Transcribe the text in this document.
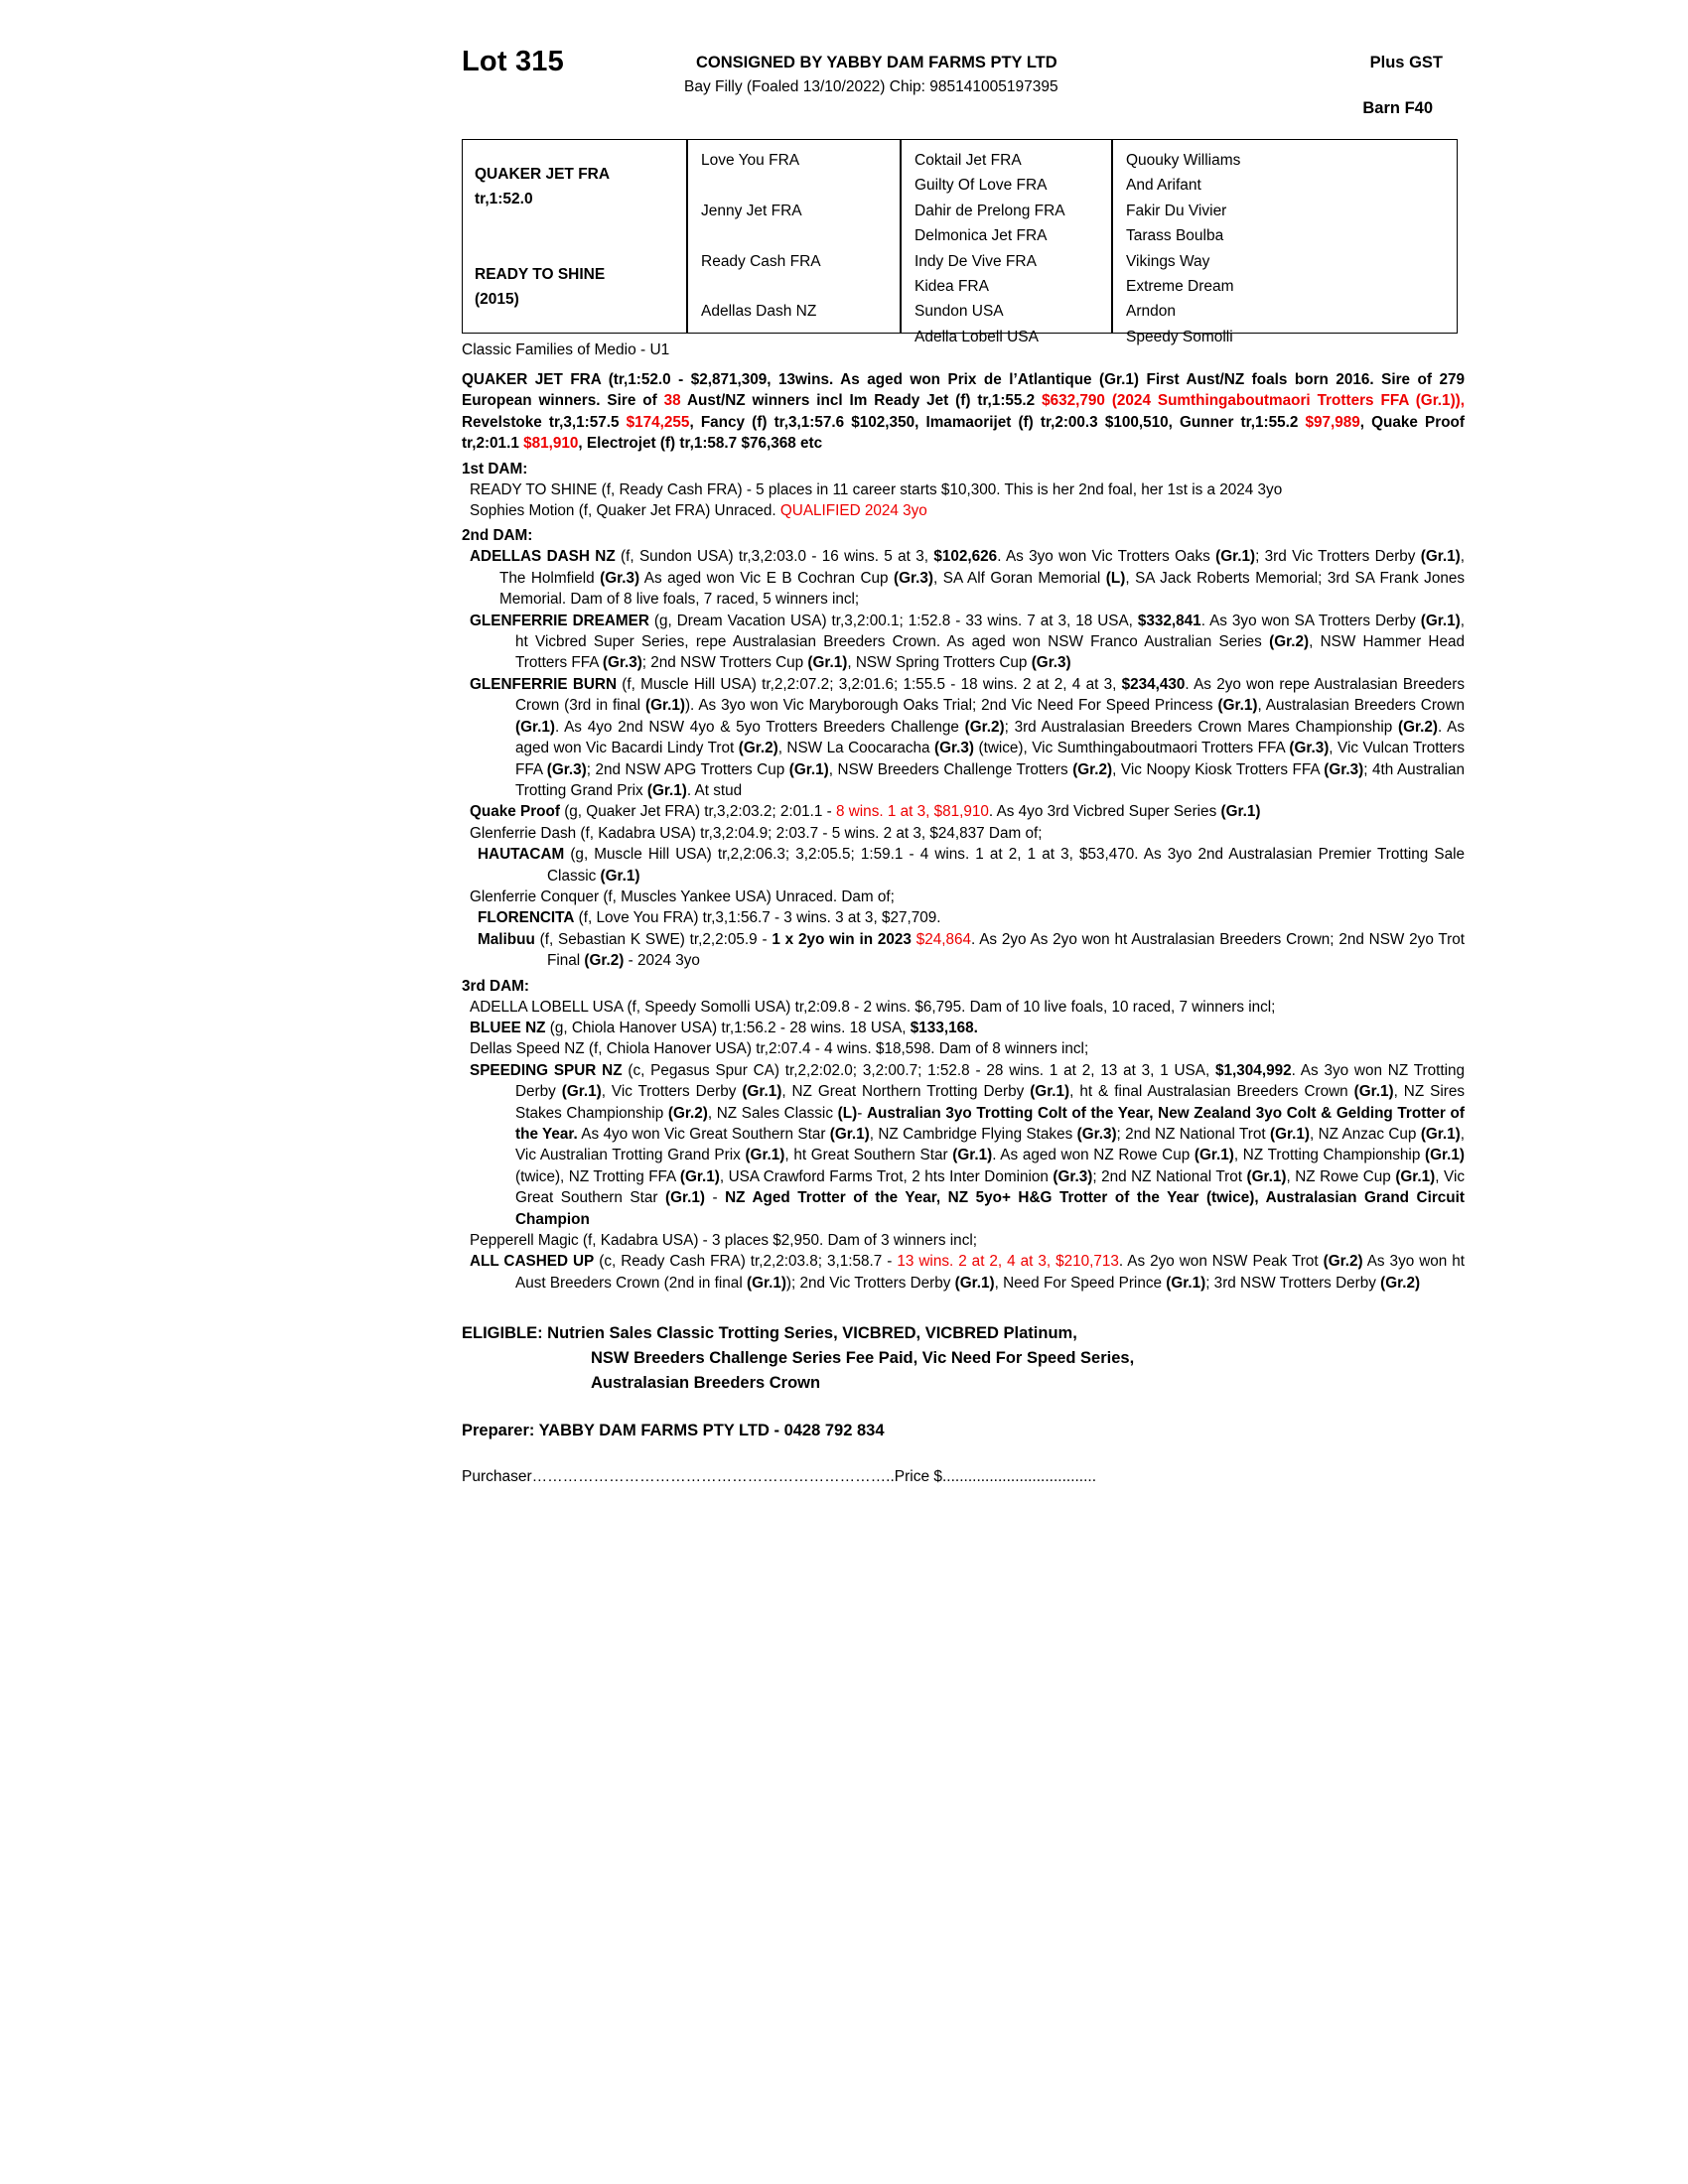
Lot 315	CONSIGNED BY YABBY DAM FARMS PTY LTD	Plus GST
Bay Filly (Foaled 13/10/2022) Chip: 985141005197395
Barn F40
QUAKER JET FRA
tr,1:52.0
READY TO SHINE
(2015)
Love You FRA
Jenny Jet FRA
Ready Cash FRA
Adellas Dash NZ
Coktail Jet FRA
Guilty Of Love FRA
Dahir de Prelong FRA
Delmonica Jet FRA
Indy De Vive FRA
Kidea FRA
Sundon USA
Adella Lobell USA
Quouky Williams
And Arifant
Fakir Du Vivier
Tarass Boulba
Vikings Way
Extreme Dream
Arndon
Speedy Somolli
Classic Families of Medio - U1

QUAKER JET FRA (tr,1:52.0 - $2,871,309, 13wins. As aged won Prix de l’Atlantique (Gr.1) First Aust/NZ foals born 2016. Sire of 279 European winners. Sire of 38 Aust/NZ winners incl Im Ready Jet (f) tr,1:55.2 $632,790 (2024 Sumthingaboutmaori Trotters FFA (Gr.1)), Revelstoke tr,3,1:57.5 $174,255, Fancy (f) tr,3,1:57.6 $102,350, Imamaorijet (f) tr,2:00.3 $100,510, Gunner tr,1:55.2 $97,989, Quake Proof tr,2:01.1 $81,910, Electrojet (f) tr,1:58.7 $76,368 etc

1st DAM:

READY TO SHINE (f, Ready Cash FRA) - 5 places in 11 career starts $10,300. This is her 2nd foal, her 1st is a 2024 3yo

Sophies Motion (f, Quaker Jet FRA) Unraced. QUALIFIED 2024 3yo

2nd DAM:

ADELLAS DASH NZ (f, Sundon USA) tr,3,2:03.0 - 16 wins. 5 at 3, $102,626. As 3yo won Vic Trotters Oaks (Gr.1); 3rd Vic Trotters Derby (Gr.1), The Holmfield (Gr.3) As aged won Vic E B Cochran Cup (Gr.3), SA Alf Goran Memorial (L), SA Jack Roberts Memorial; 3rd SA Frank Jones Memorial. Dam of 8 live foals, 7 raced, 5 winners incl;

GLENFERRIE DREAMER (g, Dream Vacation USA) tr,3,2:00.1; 1:52.8 - 33 wins. 7 at 3, 18 USA, $332,841. As 3yo won SA Trotters Derby (Gr.1), ht Vicbred Super Series, repe Australasian Breeders Crown. As aged won NSW Franco Australian Series (Gr.2), NSW Hammer Head Trotters FFA (Gr.3); 2nd NSW Trotters Cup (Gr.1), NSW Spring Trotters Cup (Gr.3)

GLENFERRIE BURN (f, Muscle Hill USA) tr,2,2:07.2; 3,2:01.6; 1:55.5 - 18 wins. 2 at 2, 4 at 3, $234,430. As 2yo won repe Australasian Breeders Crown (3rd in final (Gr.1)). As 3yo won Vic Maryborough Oaks Trial; 2nd Vic Need For Speed Princess (Gr.1), Australasian Breeders Crown (Gr.1). As 4yo 2nd NSW 4yo & 5yo Trotters Breeders Challenge (Gr.2); 3rd Australasian Breeders Crown Mares Championship (Gr.2). As aged won Vic Bacardi Lindy Trot (Gr.2), NSW La Coocaracha (Gr.3) (twice), Vic Sumthingaboutmaori Trotters FFA (Gr.3), Vic Vulcan Trotters FFA (Gr.3); 2nd NSW APG Trotters Cup (Gr.1), NSW Breeders Challenge Trotters (Gr.2), Vic Noopy Kiosk Trotters FFA (Gr.3); 4th Australian Trotting Grand Prix (Gr.1). At stud

Quake Proof (g, Quaker Jet FRA) tr,3,2:03.2; 2:01.1 - 8 wins. 1 at 3, $81,910. As 4yo 3rd Vicbred Super Series (Gr.1)

Glenferrie Dash (f, Kadabra USA) tr,3,2:04.9; 2:03.7 - 5 wins. 2 at 3, $24,837 Dam of;

HAUTACAM (g, Muscle Hill USA) tr,2,2:06.3; 3,2:05.5; 1:59.1 - 4 wins. 1 at 2, 1 at 3, $53,470. As 3yo 2nd Australasian Premier Trotting Sale Classic (Gr.1)

Glenferrie Conquer (f, Muscles Yankee USA) Unraced. Dam of;

FLORENCITA (f, Love You FRA) tr,3,1:56.7 - 3 wins. 3 at 3, $27,709.

Malibuu (f, Sebastian K SWE) tr,2,2:05.9 - 1 x 2yo win in 2023 $24,864. As 2yo As 2yo won ht Australasian Breeders Crown; 2nd NSW 2yo Trot Final (Gr.2) - 2024 3yo

3rd DAM:

ADELLA LOBELL USA (f, Speedy Somolli USA) tr,2:09.8 - 2 wins. $6,795. Dam of 10 live foals, 10 raced, 7 winners incl;

BLUEE NZ (g, Chiola Hanover USA) tr,1:56.2 - 28 wins. 18 USA, $133,168.

Dellas Speed NZ (f, Chiola Hanover USA) tr,2:07.4 - 4 wins. $18,598. Dam of 8 winners incl;

SPEEDING SPUR NZ (c, Pegasus Spur CA) tr,2,2:02.0; 3,2:00.7; 1:52.8 - 28 wins. 1 at 2, 13 at 3, 1 USA, $1,304,992. As 3yo won NZ Trotting Derby (Gr.1), Vic Trotters Derby (Gr.1), NZ Great Northern Trotting Derby (Gr.1), ht & final Australasian Breeders Crown (Gr.1), NZ Sires Stakes Championship (Gr.2), NZ Sales Classic (L)- Australian 3yo Trotting Colt of the Year, New Zealand 3yo Colt & Gelding Trotter of the Year. As 4yo won Vic Great Southern Star (Gr.1), NZ Cambridge Flying Stakes (Gr.3); 2nd NZ National Trot (Gr.1), NZ Anzac Cup (Gr.1), Vic Australian Trotting Grand Prix (Gr.1), ht Great Southern Star (Gr.1). As aged won NZ Rowe Cup (Gr.1), NZ Trotting Championship (Gr.1) (twice), NZ Trotting FFA (Gr.1), USA Crawford Farms Trot, 2 hts Inter Dominion (Gr.3); 2nd NZ National Trot (Gr.1), NZ Rowe Cup (Gr.1), Vic Great Southern Star (Gr.1) - NZ Aged Trotter of the Year, NZ 5yo+ H&G Trotter of the Year (twice), Australasian Grand Circuit Champion

Pepperell Magic (f, Kadabra USA) - 3 places $2,950. Dam of 3 winners incl;

ALL CASHED UP (c, Ready Cash FRA) tr,2,2:03.8; 3,1:58.7 - 13 wins. 2 at 2, 4 at 3, $210,713. As 2yo won NSW Peak Trot (Gr.2) As 3yo won ht Aust Breeders Crown (2nd in final (Gr.1)); 2nd Vic Trotters Derby (Gr.1), Need For Speed Prince (Gr.1); 3rd NSW Trotters Derby (Gr.2)

ELIGIBLE: Nutrien Sales Classic Trotting Series, VICBRED, VICBRED Platinum,
NSW Breeders Challenge Series Fee Paid, Vic Need For Speed Series,
Australasian Breeders Crown
Preparer: YABBY DAM FARMS PTY LTD - 0428 792 834
Purchaser……………………………………………………………..Price $....................................
